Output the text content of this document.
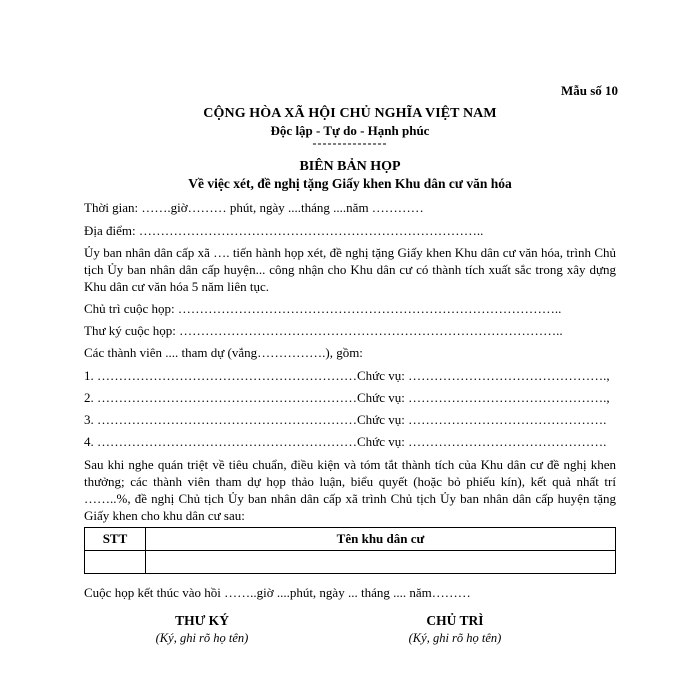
Mẫu số 10
CỘNG HÒA XÃ HỘI CHỦ NGHĨA VIỆT NAM
Độc lập - Tự do - Hạnh phúc
---------------
BIÊN BẢN HỌP
Về việc xét, đề nghị tặng Giấy khen Khu dân cư văn hóa
Thời gian: …….giờ……… phút, ngày ....tháng ....năm …………
Địa điểm: ……………………………………………………………………..
Ủy ban nhân dân cấp xã …. tiến hành họp xét, đề nghị tặng Giấy khen Khu dân cư văn hóa, trình Chủ tịch Ủy ban nhân dân cấp huyện... công nhận cho Khu dân cư có thành tích xuất sắc trong xây dựng Khu dân cư văn hóa 5 năm liên tục.
Chủ trì cuộc họp: ……………………………………………………………………………..
Thư ký cuộc họp: ……………………………………………………………………………..
Các thành viên .... tham dự (vắng…………….), gồm:
1. …………………………………………………… Chức vụ: ……………………………………….,
2. …………………………………………………… Chức vụ: ……………………………………….,
3. …………………………………………………… Chức vụ: ……………………………………….
4. …………………………………………………… Chức vụ: ……………………………………….
Sau khi nghe quán triệt về tiêu chuẩn, điều kiện và tóm tắt thành tích của Khu dân cư đề nghị khen thưởng; các thành viên tham dự họp thảo luận, biểu quyết (hoặc bỏ phiếu kín), kết quả nhất trí ……..%, đề nghị Chủ tịch Ủy ban nhân dân cấp xã trình Chủ tịch Ủy ban nhân dân cấp huyện tặng Giấy khen cho khu dân cư sau:
STT	Tên khu dân cư

Cuộc họp kết thúc vào hồi ……..giờ ....phút, ngày ... tháng .... năm………
THƯ KÝ
(Ký, ghi rõ họ tên)
CHỦ TRÌ
(Ký, ghi rõ họ tên)
